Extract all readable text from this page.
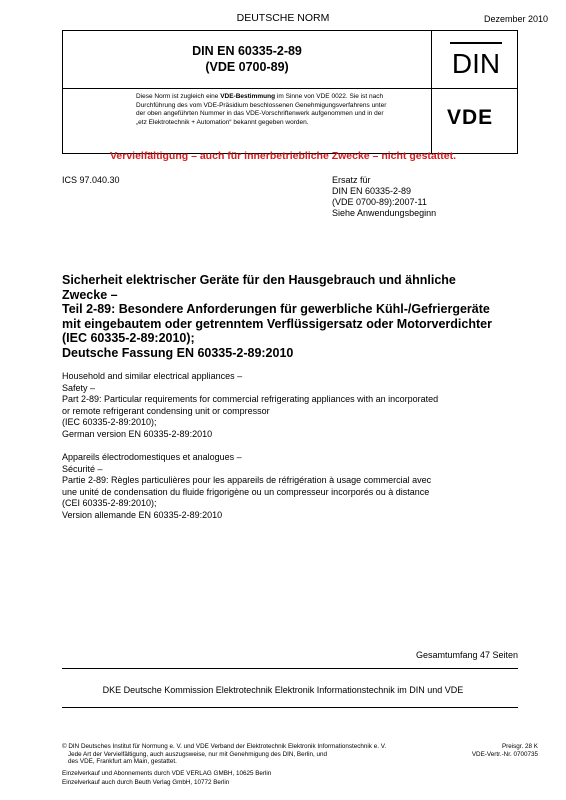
DEUTSCHE NORM	Dezember 2010
DIN EN 60335-2-89
(VDE 0700-89)	DIN
VDE
Diese Norm ist zugleich eine VDE-Bestimmung im Sinne von VDE 0022. Sie ist nach
Durchführung des vom VDE-Präsidium beschlossenen Genehmigungsverfahrens unter
der oben angeführten Nummer in das VDE-Vorschriftenwerk aufgenommen und in der
„etz Elektrotechnik + Automation“ bekannt gegeben worden.
Vervielfältigung – auch für innerbetriebliche Zwecke – nicht gestattet.
ICS 97.040.30	Ersatz für
DIN EN 60335-2-89
(VDE 0700-89):2007-11
Siehe Anwendungsbeginn
Sicherheit elektrischer Geräte für den Hausgebrauch und ähnliche
Zwecke –
Teil 2-89: Besondere Anforderungen für gewerbliche Kühl-/Gefriergeräte
mit eingebautem oder getrenntem Verflüssigersatz oder Motorverdichter
(IEC 60335-2-89:2010);
Deutsche Fassung EN 60335-2-89:2010
Household and similar electrical appliances –
Safety –
Part 2-89: Particular requirements for commercial refrigerating appliances with an incorporated
or remote refrigerant condensing unit or compressor
(IEC 60335-2-89:2010);
German version EN 60335-2-89:2010
Appareils électrodomestiques et analogues –
Sécurité –
Partie 2-89: Règles particulières pour les appareils de réfrigération à usage commercial avec
une unité de condensation du fluide frigorigène ou un compresseur incorporés ou à distance
(CEI 60335-2-89:2010);
Version allemande EN 60335-2-89:2010
Gesamtumfang 47 Seiten
DKE Deutsche Kommission Elektrotechnik Elektronik Informationstechnik im DIN und VDE
© DIN Deutsches Institut für Normung e. V. und VDE Verband der Elektrotechnik Elektronik Informationstechnik e. V.
Jede Art der Vervielfältigung, auch auszugsweise, nur mit Genehmigung des DIN, Berlin, und
des VDE, Frankfurt am Main, gestattet.
Preisgr. 28 K
VDE-Vertr.-Nr. 0700735
Einzelverkauf und Abonnements durch VDE VERLAG GMBH, 10625 Berlin
Einzelverkauf auch durch Beuth Verlag GmbH, 10772 Berlin
